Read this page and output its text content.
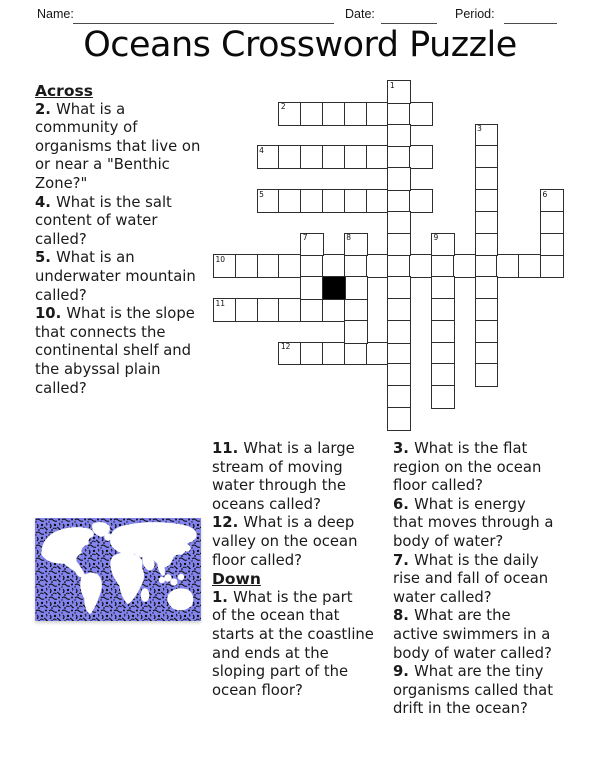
Name:	Date:	Period:
Oceans Crossword Puzzle
Across
2. What is a
community of
organisms that live on
or near a "Benthic
Zone?"
4. What is the salt
content of water
called?
5. What is an
underwater mountain
called?
10. What is the slope
that connects the
continental shelf and
the abyssal plain
called?
2
4
5
10
11
12
1
3
6
7	8	9
11. What is a large
stream of moving
water through the
oceans called?
12. What is a deep
valley on the ocean
floor called?
Down
1. What is the part
of the ocean that
starts at the coastline
and ends at the
sloping part of the
ocean floor?
3. What is the flat
region on the ocean
floor called?
6. What is energy
that moves through a
body of water?
7. What is the daily
rise and fall of ocean
water called?
8. What are the
active swimmers in a
body of water called?
9. What are the tiny
organisms called that
drift in the ocean?
